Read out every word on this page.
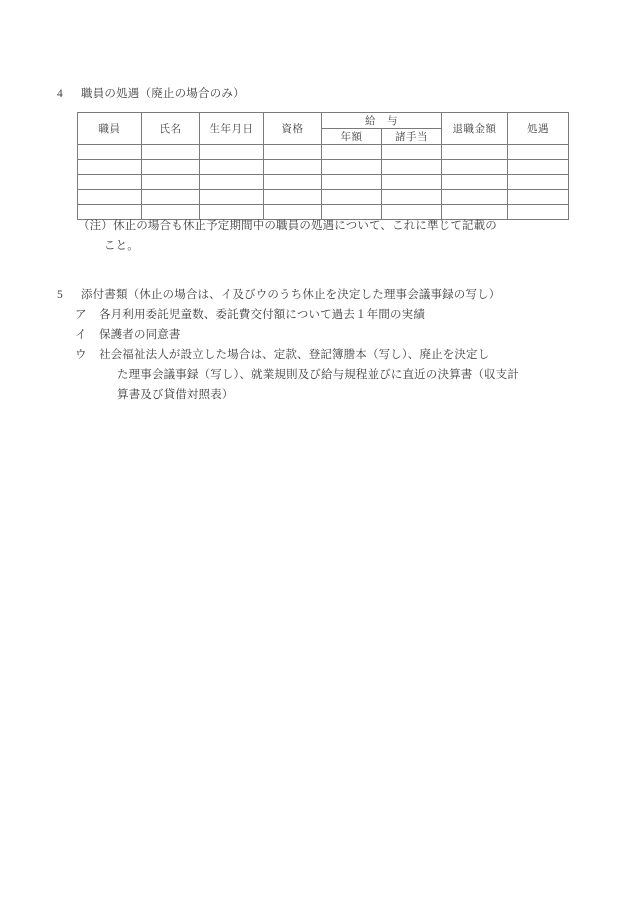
4 職員の処遇（廃止の場合のみ）
職員	氏名	生年月日	資格	給　与		退職金額	処遇
				年額	諸手当		

（注）休止の場合も休止予定期間中の職員の処遇について、これに準じて記載の
こと。
5 添付書類（休止の場合は、イ及びウのうち休止を決定した理事会議事録の写し）
ア 各月利用委託児童数、委託費交付額について過去１年間の実績
イ 保護者の同意書
ウ 社会福祉法人が設立した場合は、定款、登記簿謄本（写し）、廃止を決定し
た理事会議事録（写し）、就業規則及び給与規程並びに直近の決算書（収支計
算書及び貸借対照表）
